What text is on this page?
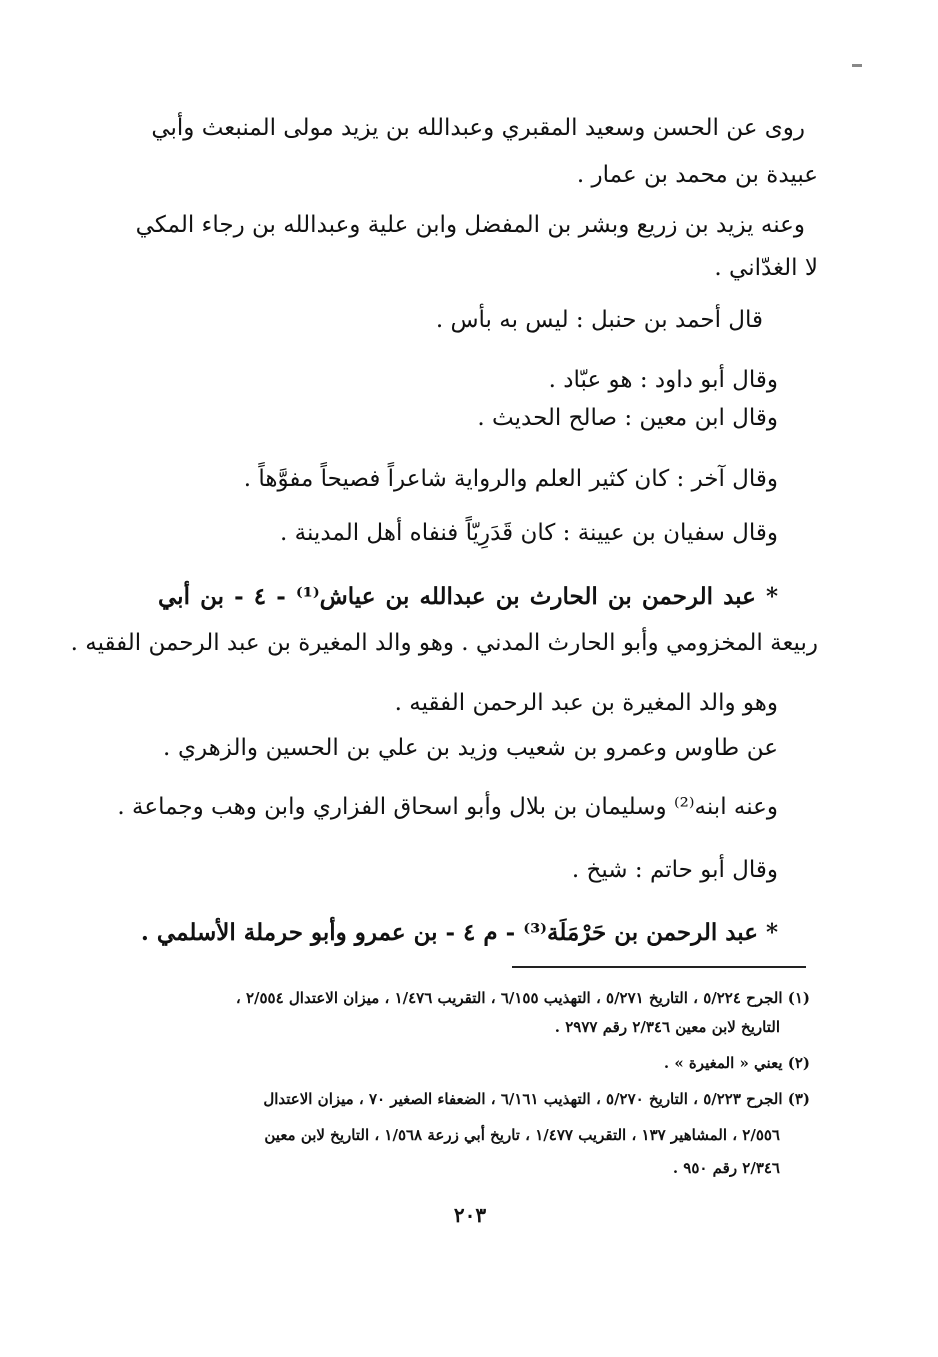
روى عن الحسن وسعيد المقبري وعبدالله بن يزيد مولى المنبعث وأبي
عبيدة بن محمد بن عمار .
وعنه يزيد بن زريع وبشر بن المفضل وابن علية وعبدالله بن رجاء المكي
لا الغدّاني .
قال أحمد بن حنبل : ليس به بأس .
وقال أبو داود : هو عبّاد .
وقال ابن معين : صالح الحديث .
وقال آخر : كان كثير العلم والرواية شاعراً فصيحاً مفوَّهاً .
وقال سفيان بن عيينة : كان قَدَرِيّاً فنفاه أهل المدينة .
* عبد الرحمن بن الحارث بن عبدالله بن عياش⁽¹⁾ - ٤ - بن أبي
ربيعة المخزومي وأبو الحارث المدني . وهو والد المغيرة بن عبد الرحمن الفقيه .
وهو والد المغيرة بن عبد الرحمن الفقيه .
عن طاوس وعمرو بن شعيب وزيد بن علي بن الحسين والزهري .
وعنه ابنه⁽²⁾ وسليمان بن بلال وأبو اسحاق الفزاري وابن وهب وجماعة .
وقال أبو حاتم : شيخ .
* عبد الرحمن بن حَرْمَلَة⁽³⁾ - م ٤ - بن عمرو وأبو حرملة الأسلمي .
(١) الجرح ٥/٢٢٤ ، التاريخ ٥/٢٧١ ، التهذيب ٦/١٥٥ ، التقريب ١/٤٧٦ ، ميزان الاعتدال ٢/٥٥٤ ،
التاريخ لابن معين ٢/٣٤٦ رقم ٢٩٧٧ .
(٢) يعني « المغيرة » .
(٣) الجرح ٥/٢٢٣ ، التاريخ ٥/٢٧٠ ، التهذيب ٦/١٦١ ، الضعفاء الصغير ٧٠ ، ميزان الاعتدال
٢/٥٥٦ ، المشاهير ١٣٧ ، التقريب ١/٤٧٧ ، تاريخ أبي زرعة ١/٥٦٨ ، التاريخ لابن معين
٢/٣٤٦ رقم ٩٥٠ .
٢٠٣
